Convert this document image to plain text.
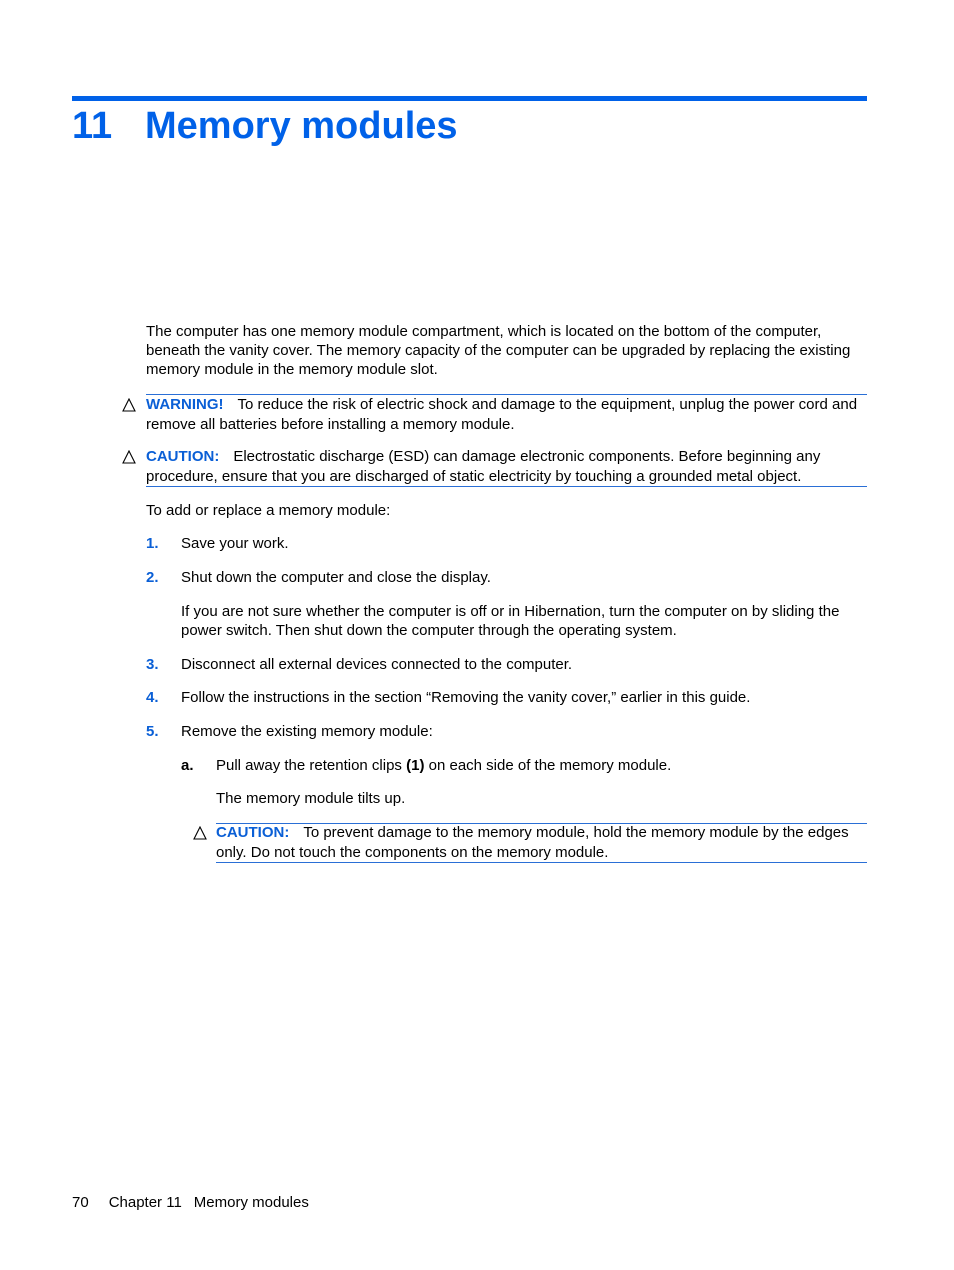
11 Memory modules
The computer has one memory module compartment, which is located on the bottom of the computer, beneath the vanity cover. The memory capacity of the computer can be upgraded by replacing the existing memory module in the memory module slot.
WARNING! To reduce the risk of electric shock and damage to the equipment, unplug the power cord and remove all batteries before installing a memory module.
CAUTION: Electrostatic discharge (ESD) can damage electronic components. Before beginning any procedure, ensure that you are discharged of static electricity by touching a grounded metal object.
To add or replace a memory module:
1. Save your work.
2. Shut down the computer and close the display.
If you are not sure whether the computer is off or in Hibernation, turn the computer on by sliding the power switch. Then shut down the computer through the operating system.
3. Disconnect all external devices connected to the computer.
4. Follow the instructions in the section “Removing the vanity cover,” earlier in this guide.
5. Remove the existing memory module:
a. Pull away the retention clips (1) on each side of the memory module.
The memory module tilts up.
CAUTION: To prevent damage to the memory module, hold the memory module by the edges only. Do not touch the components on the memory module.
70 Chapter 11 Memory modules
